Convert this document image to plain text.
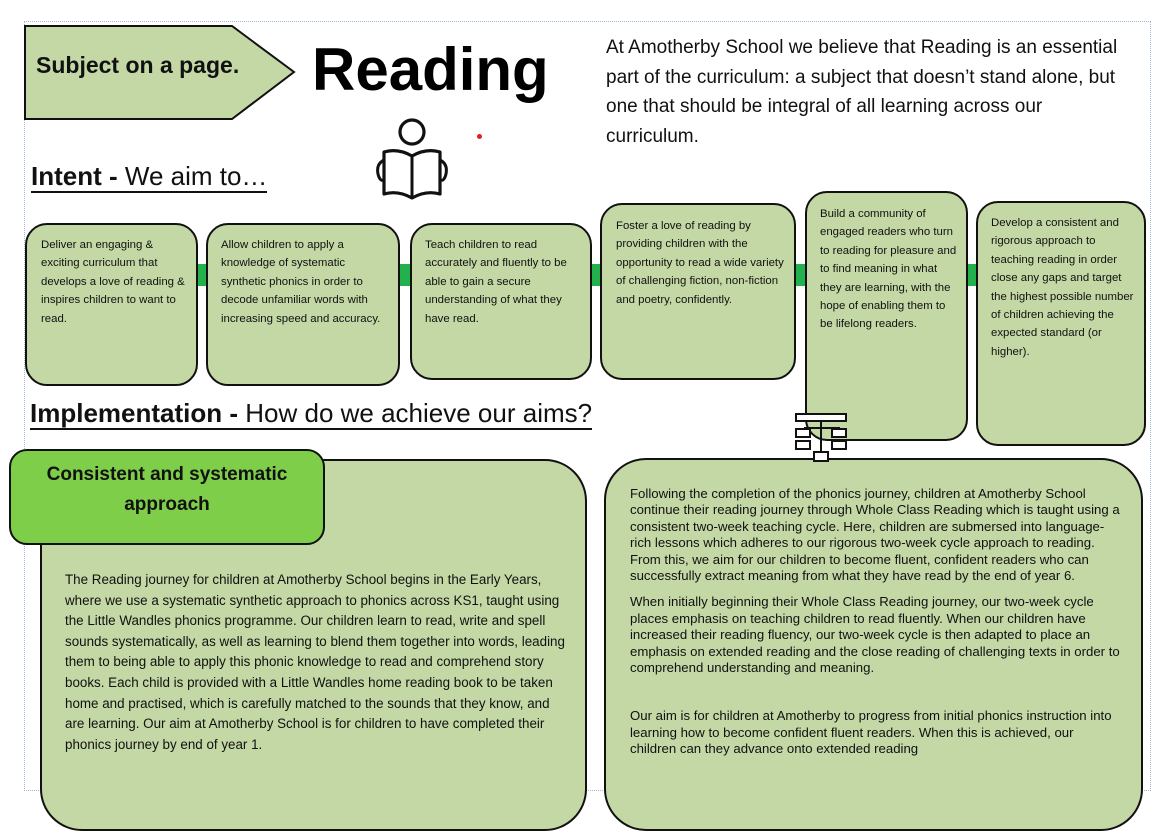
Subject on a page. Reading	At Amotherby School we believe that Reading is an essential part of the curriculum: a subject that doesn’t stand alone, but one that should be integral of all learning across our curriculum.
Intent - We aim to…
Deliver an engaging & exciting curriculum that develops a love of reading & inspires children to want to read.
Allow children to apply a knowledge of systematic synthetic phonics in order to decode unfamiliar words with increasing speed and accuracy.
Teach children to read accurately and fluently to be able to gain a secure understanding of what they have read.
Foster a love of reading by providing children with the opportunity to read a wide variety of challenging fiction, non-fiction and poetry, confidently.
Build a community of engaged readers who turn to reading for pleasure and to find meaning in what they are learning, with the hope of enabling them to be lifelong readers.
Develop a consistent and rigorous approach to teaching reading in order close any gaps and target the highest possible number of children achieving the expected standard (or higher).
Implementation - How do we achieve our aims?
Consistent and systematic approach
The Reading journey for children at Amotherby School begins in the Early Years, where we use a systematic synthetic approach to phonics across KS1, taught using the Little Wandles phonics programme. Our children learn to read, write and spell sounds systematically, as well as learning to blend them together into words, leading them to being able to apply this phonic knowledge to read and comprehend story books. Each child is provided with a Little Wandles home reading book to be taken home and practised, which is carefully matched to the sounds that they know, and are learning. Our aim at Amotherby School is for children to have completed their phonics journey by end of year 1.

Following the completion of the phonics journey, children at Amotherby School continue their reading journey through Whole Class Reading which is taught using a consistent two-week teaching cycle. Here, children are submersed into language-rich lessons which adheres to our rigorous two-week cycle approach to reading. From this, we aim for our children to become fluent, confident readers who can successfully extract meaning from what they have read by the end of year 6.

When initially beginning their Whole Class Reading journey, our two-week cycle places emphasis on teaching children to read fluently. When our children have increased their reading fluency, our two-week cycle is then adapted to place an emphasis on extended reading and the close reading of challenging texts in order to comprehend understanding and meaning.

Our aim is for children at Amotherby to progress from initial phonics instruction into learning how to become confident fluent readers. When this is achieved, our children can they advance onto extended reading
